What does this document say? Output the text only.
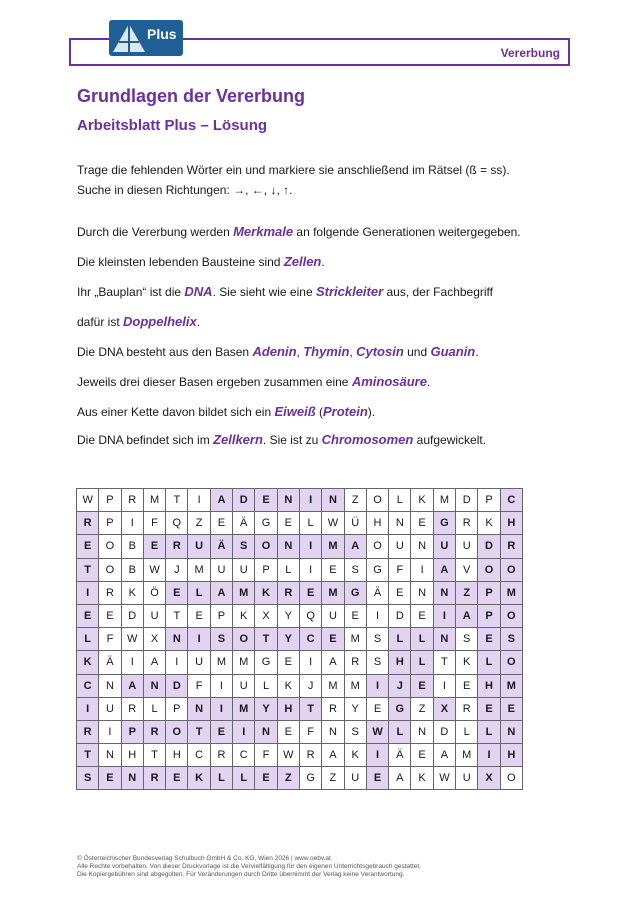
Vererbung
Plus
Grundlagen der Vererbung
Arbeitsblatt Plus – Lösung
Trage die fehlenden Wörter ein und markiere sie anschließend im Rätsel (ß = ss).
Suche in diesen Richtungen: →, ←, ↓, ↑.
Durch die Vererbung werden Merkmale an folgende Generationen weitergegeben.
Die kleinsten lebenden Bausteine sind Zellen.
Ihr „Bauplan“ ist die DNA. Sie sieht wie eine Strickleiter aus, der Fachbegriff
dafür ist Doppelhelix.
Die DNA besteht aus den Basen Adenin, Thymin, Cytosin und Guanin.
Jeweils drei dieser Basen ergeben zusammen eine Aminosäure.
Aus einer Kette davon bildet sich ein Eiweiß (Protein).
Die DNA befindet sich im Zellkern. Sie ist zu Chromosomen aufgewickelt.
W	P	R	M	T	I	A	D	E	N	I	N	Z	O	L	K	M	D	P	C
R	P	I	F	Q	Z	E	Ä	G	E	L	W	Ü	H	N	E	G	R	K	H
E	O	B	E	R	U	Ä	S	O	N	I	M	A	O	U	N	U	U	D	R
T	O	B	W	J	M	U	U	P	L	I	E	S	G	F	I	A	V	O	O
I	R	K	Ö	E	L	A	M	K	R	E	M	G	Ä	E	N	N	Z	P	M
E	E	D	U	T	E	P	K	X	Y	Q	U	E	I	D	E	I	A	P	O
L	F	W	X	N	I	S	O	T	Y	C	E	M	S	L	L	N	S	E	S
K	Ä	I	A	I	U	M	M	G	E	I	A	R	S	H	L	T	K	L	O
C	N	A	N	D	F	I	U	L	K	J	M	M	I	J	E	I	E	H	M
I	U	R	L	P	N	I	M	Y	H	T	R	Y	E	G	Z	X	R	E	E
R	I	P	R	O	T	E	I	N	E	F	N	S	W	L	N	D	L	L	N
T	N	H	T	H	C	R	C	F	W	R	A	K	I	Ä	E	A	M	I	H
S	E	N	R	E	K	L	L	E	Z	G	Z	U	E	A	K	W	U	X	O
© Österreichischer Bundesverlag Schulbuch GmbH & Co. KG, Wien 2026 | www.oebv.at
Alle Rechte vorbehalten. Von dieser Druckvorlage ist die Vervielfältigung für den eigenen Unterrichtsgebrauch gestattet.
Die Kopiergebühren sind abgegolten. Für Veränderungen durch Dritte übernimmt der Verlag keine Verantwortung.
